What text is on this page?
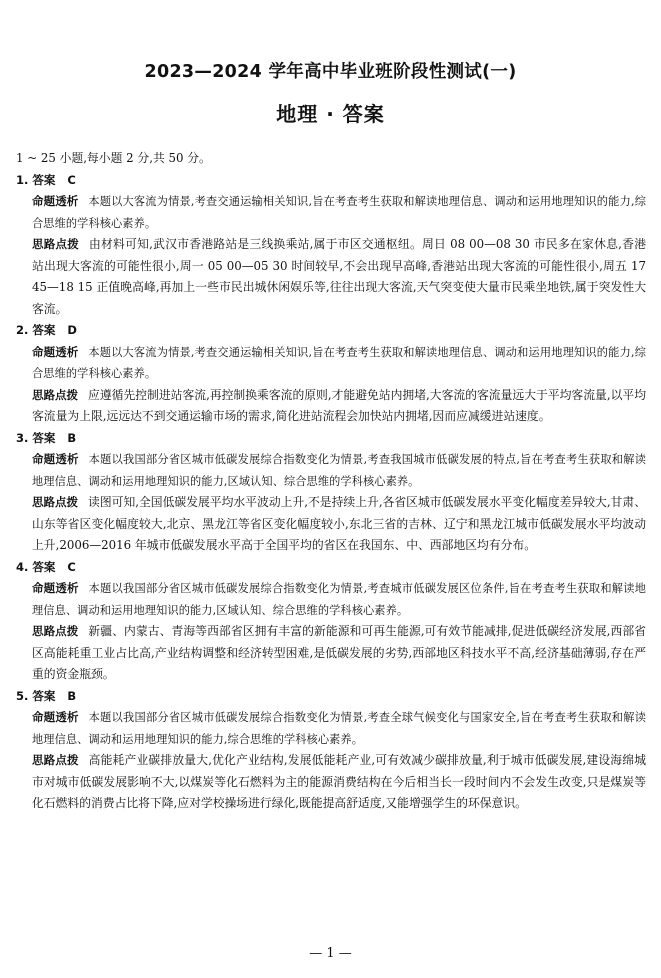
2023—2024 学年高中毕业班阶段性测试(一)
地理 · 答案

1 ~ 25 小题,每小题 2 分,共 50 分。

1. 答案 C

命题透析 本题以大客流为情景,考查交通运输相关知识,旨在考查考生获取和解读地理信息、调动和运用地理知识的能力,综合思维的学科核心素养。

思路点拨 由材料可知,武汉市香港路站是三线换乘站,属于市区交通枢纽。周日 08 00—08 30 市民多在家休息,香港站出现大客流的可能性很小,周一 05 00—05 30 时间较早,不会出现早高峰,香港站出现大客流的可能性很小,周五 17 45—18 15 正值晚高峰,再加上一些市民出城休闲娱乐等,往往出现大客流,天气突变使大量市民乘坐地铁,属于突发性大客流。

2. 答案 D

命题透析 本题以大客流为情景,考查交通运输相关知识,旨在考查考生获取和解读地理信息、调动和运用地理知识的能力,综合思维的学科核心素养。

思路点拨 应遵循先控制进站客流,再控制换乘客流的原则,才能避免站内拥堵,大客流的客流量远大于平均客流量,以平均客流量为上限,远远达不到交通运输市场的需求,简化进站流程会加快站内拥堵,因而应减缓进站速度。

3. 答案 B

命题透析 本题以我国部分省区城市低碳发展综合指数变化为情景,考查我国城市低碳发展的特点,旨在考查考生获取和解读地理信息、调动和运用地理知识的能力,区域认知、综合思维的学科核心素养。

思路点拨 读图可知,全国低碳发展平均水平波动上升,不是持续上升,各省区城市低碳发展水平变化幅度差异较大,甘肃、山东等省区变化幅度较大,北京、黑龙江等省区变化幅度较小,东北三省的吉林、辽宁和黑龙江城市低碳发展水平均波动上升,2006—2016 年城市低碳发展水平高于全国平均的省区在我国东、中、西部地区均有分布。

4. 答案 C

命题透析 本题以我国部分省区城市低碳发展综合指数变化为情景,考查城市低碳发展区位条件,旨在考查考生获取和解读地理信息、调动和运用地理知识的能力,区域认知、综合思维的学科核心素养。

思路点拨 新疆、内蒙古、青海等西部省区拥有丰富的新能源和可再生能源,可有效节能减排,促进低碳经济发展,西部省区高能耗重工业占比高,产业结构调整和经济转型困难,是低碳发展的劣势,西部地区科技水平不高,经济基础薄弱,存在严重的资金瓶颈。

5. 答案 B

命题透析 本题以我国部分省区城市低碳发展综合指数变化为情景,考查全球气候变化与国家安全,旨在考查考生获取和解读地理信息、调动和运用地理知识的能力,综合思维的学科核心素养。

思路点拨 高能耗产业碳排放量大,优化产业结构,发展低能耗产业,可有效减少碳排放量,利于城市低碳发展,建设海绵城市对城市低碳发展影响不大,以煤炭等化石燃料为主的能源消费结构在今后相当长一段时间内不会发生改变,只是煤炭等化石燃料的消费占比将下降,应对学校操场进行绿化,既能提高舒适度,又能增强学生的环保意识。

— 1 —
